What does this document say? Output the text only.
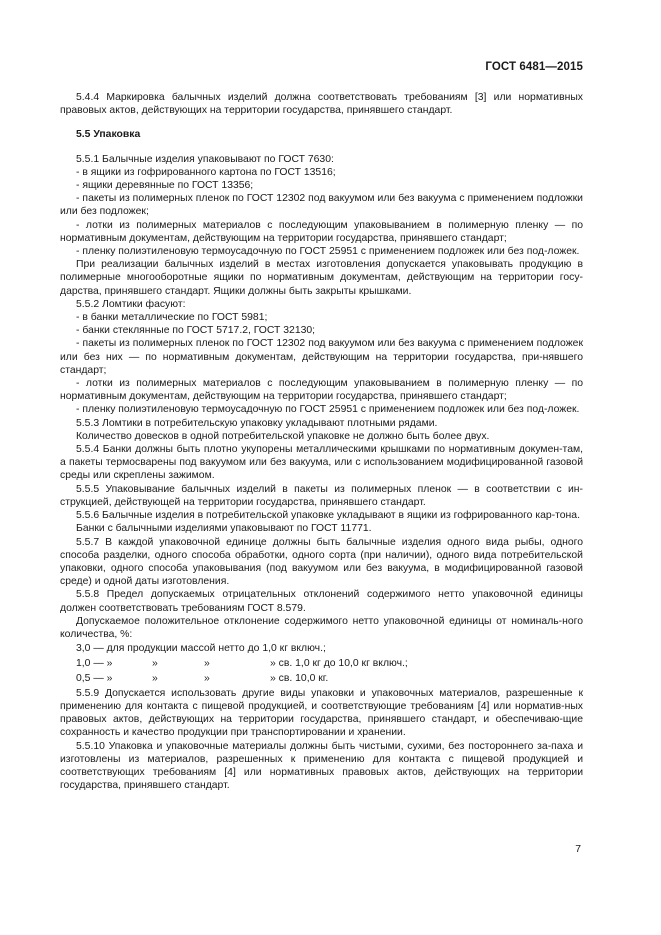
ГОСТ 6481—2015

5.4.4 Маркировка балычных изделий должна соответствовать требованиям [3] или нормативных правовых актов, действующих на территории государства, принявшего стандарт.

5.5 Упаковка

5.5.1 Балычные изделия упаковывают по ГОСТ 7630:

- в ящики из гофрированного картона по ГОСТ 13516;

- ящики деревянные по ГОСТ 13356;

- пакеты из полимерных пленок по ГОСТ 12302 под вакуумом или без вакуума с применением подложки или без подложек;

- лотки из полимерных материалов с последующим упаковыванием в полимерную пленку — по нормативным документам, действующим на территории государства, принявшего стандарт;

- пленку полиэтиленовую термоусадочную по ГОСТ 25951 с применением подложек или без под-ложек.

При реализации балычных изделий в местах изготовления допускается упаковывать продукцию в полимерные многооборотные ящики по нормативным документам, действующим на территории госу-дарства, принявшего стандарт. Ящики должны быть закрыты крышками.

5.5.2 Ломтики фасуют:

- в банки металлические по ГОСТ 5981;

- банки стеклянные по ГОСТ 5717.2, ГОСТ 32130;

- пакеты из полимерных пленок по ГОСТ 12302 под вакуумом или без вакуума с применением подложек или без них — по нормативным документам, действующим на территории государства, при-нявшего стандарт;

- лотки из полимерных материалов с последующим упаковыванием в полимерную пленку — по нормативным документам, действующим на территории государства, принявшего стандарт;

- пленку полиэтиленовую термоусадочную по ГОСТ 25951 с применением подложек или без под-ложек.

5.5.3 Ломтики в потребительскую упаковку укладывают плотными рядами.

Количество довесков в одной потребительской упаковке не должно быть более двух.

5.5.4 Банки должны быть плотно укупорены металлическими крышками по нормативным докумен-там, а пакеты термосварены под вакуумом или без вакуума, или с использованием модифицированной газовой среды или скреплены зажимом.

5.5.5 Упаковывание балычных изделий в пакеты из полимерных пленок — в соответствии с ин-струкцией, действующей на территории государства, принявшего стандарт.

5.5.6 Балычные изделия в потребительской упаковке укладывают в ящики из гофрированного кар-тона.

Банки с балычными изделиями упаковывают по ГОСТ 11771.

5.5.7 В каждой упаковочной единице должны быть балычные изделия одного вида рыбы, одного способа разделки, одного способа обработки, одного сорта (при наличии), одного вида потребительской упаковки, одного способа упаковывания (под вакуумом или без вакуума, в модифицированной газовой среде) и одной даты изготовления.

5.5.8 Предел допускаемых отрицательных отклонений содержимого нетто упаковочной единицы должен соответствовать требованиям ГОСТ 8.579.

Допускаемое положительное отклонение содержимого нетто упаковочной единицы от номиналь-ного количества, %:

3,0 — для продукции массой нетто до 1,0 кг включ.;

1,0 — »	»	»	» св. 1,0 кг до 10,0 кг включ.;
0,5 — »	»	»	» св. 10,0 кг.

5.5.9 Допускается использовать другие виды упаковки и упаковочных материалов, разрешенные к применению для контакта с пищевой продукцией, и соответствующие требованиям [4] или норматив-ных правовых актов, действующих на территории государства, принявшего стандарт, и обеспечиваю-щие сохранность и качество продукции при транспортировании и хранении.

5.5.10 Упаковка и упаковочные материалы должны быть чистыми, сухими, без постороннего за-паха и изготовлены из материалов, разрешенных к применению для контакта с пищевой продукцией и соответствующих требованиям [4] или нормативных правовых актов, действующих на территории государства, принявшего стандарт.

7
